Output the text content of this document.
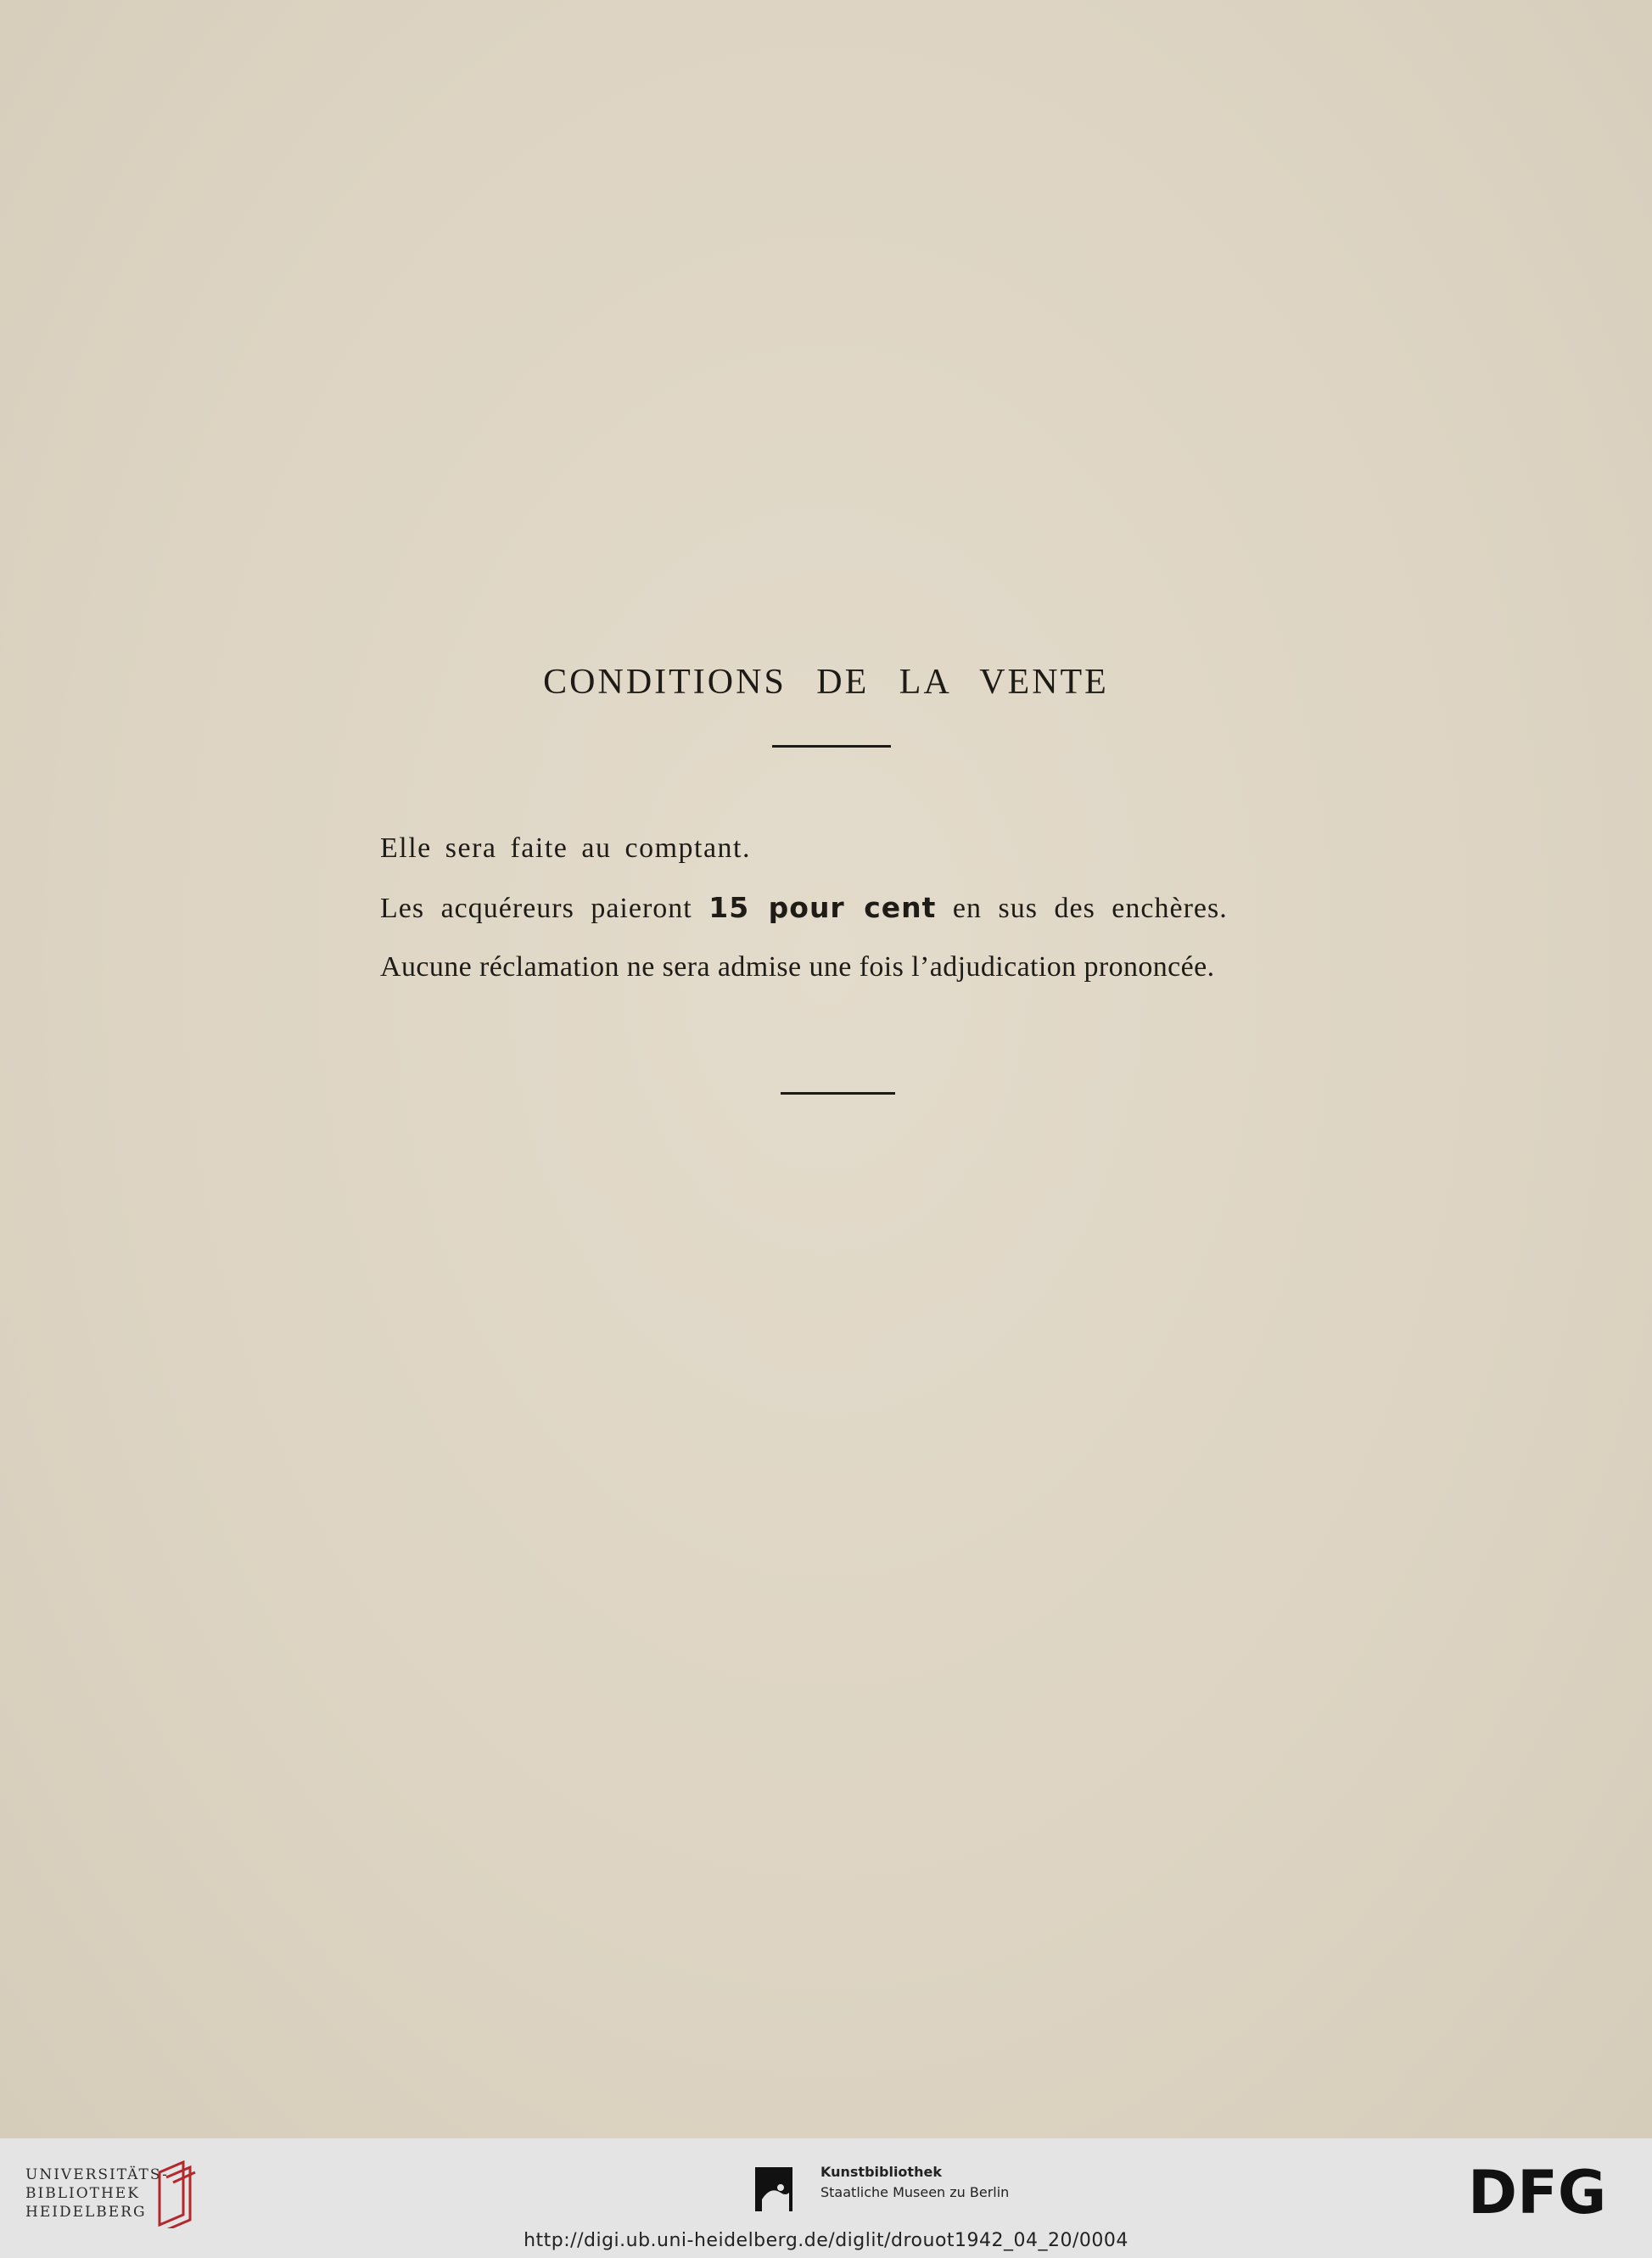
CONDITIONS DE LA VENTE
Elle sera faite au comptant.
Les acquéreurs paieront 15 pour cent en sus des enchères.
Aucune réclamation ne sera admise une fois l’adjudication prononcée.
UNIVERSITÄTS-
BIBLIOTHEK
HEIDELBERG
Kunstbibliothek
Staatliche Museen zu Berlin	DFG
http://digi.ub.uni-heidelberg.de/diglit/drouot1942_04_20/0004
